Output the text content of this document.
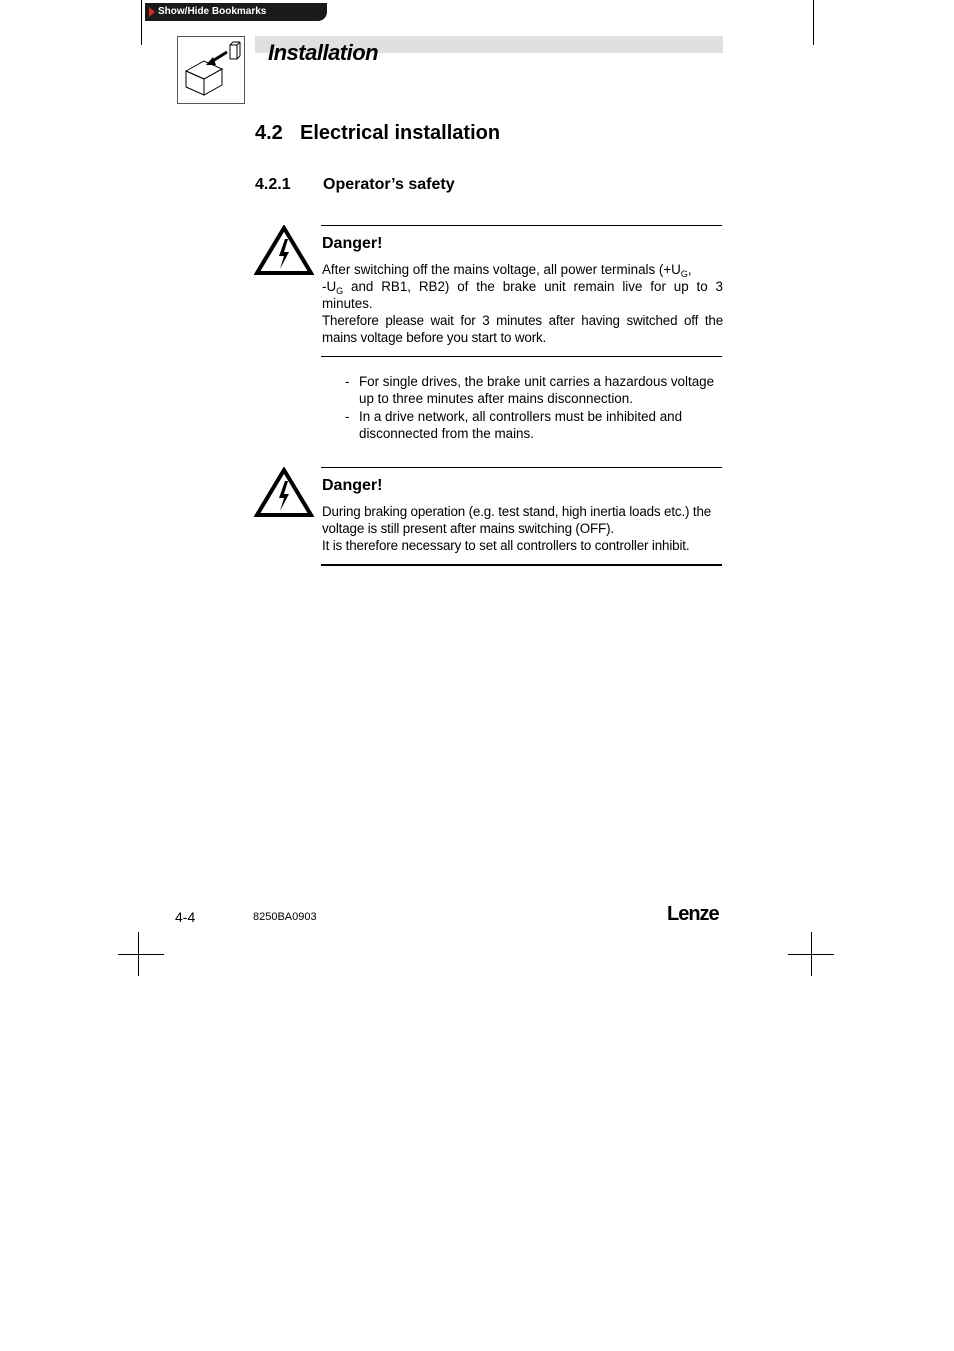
Show/Hide Bookmarks
Installation
4.2 Electrical installation
4.2.1 Operator’s safety
Danger!
After switching off the mains voltage, all power terminals ($+U_G$,
$-U_G$ and RB1, RB2) of the brake unit remain live for up to 3 minutes.
Therefore please wait for 3 minutes after having switched off the mains voltage before you start to work.
- For single drives, the brake unit carries a hazardous voltage up to three minutes after mains disconnection.
- In a drive network, all controllers must be inhibited and disconnected from the mains.
Danger!
During braking operation (e.g. test stand, high inertia loads etc.) the voltage is still present after mains switching (OFF).
It is therefore necessary to set all controllers to controller inhibit.
4-4	8250BA0903	Lenze
